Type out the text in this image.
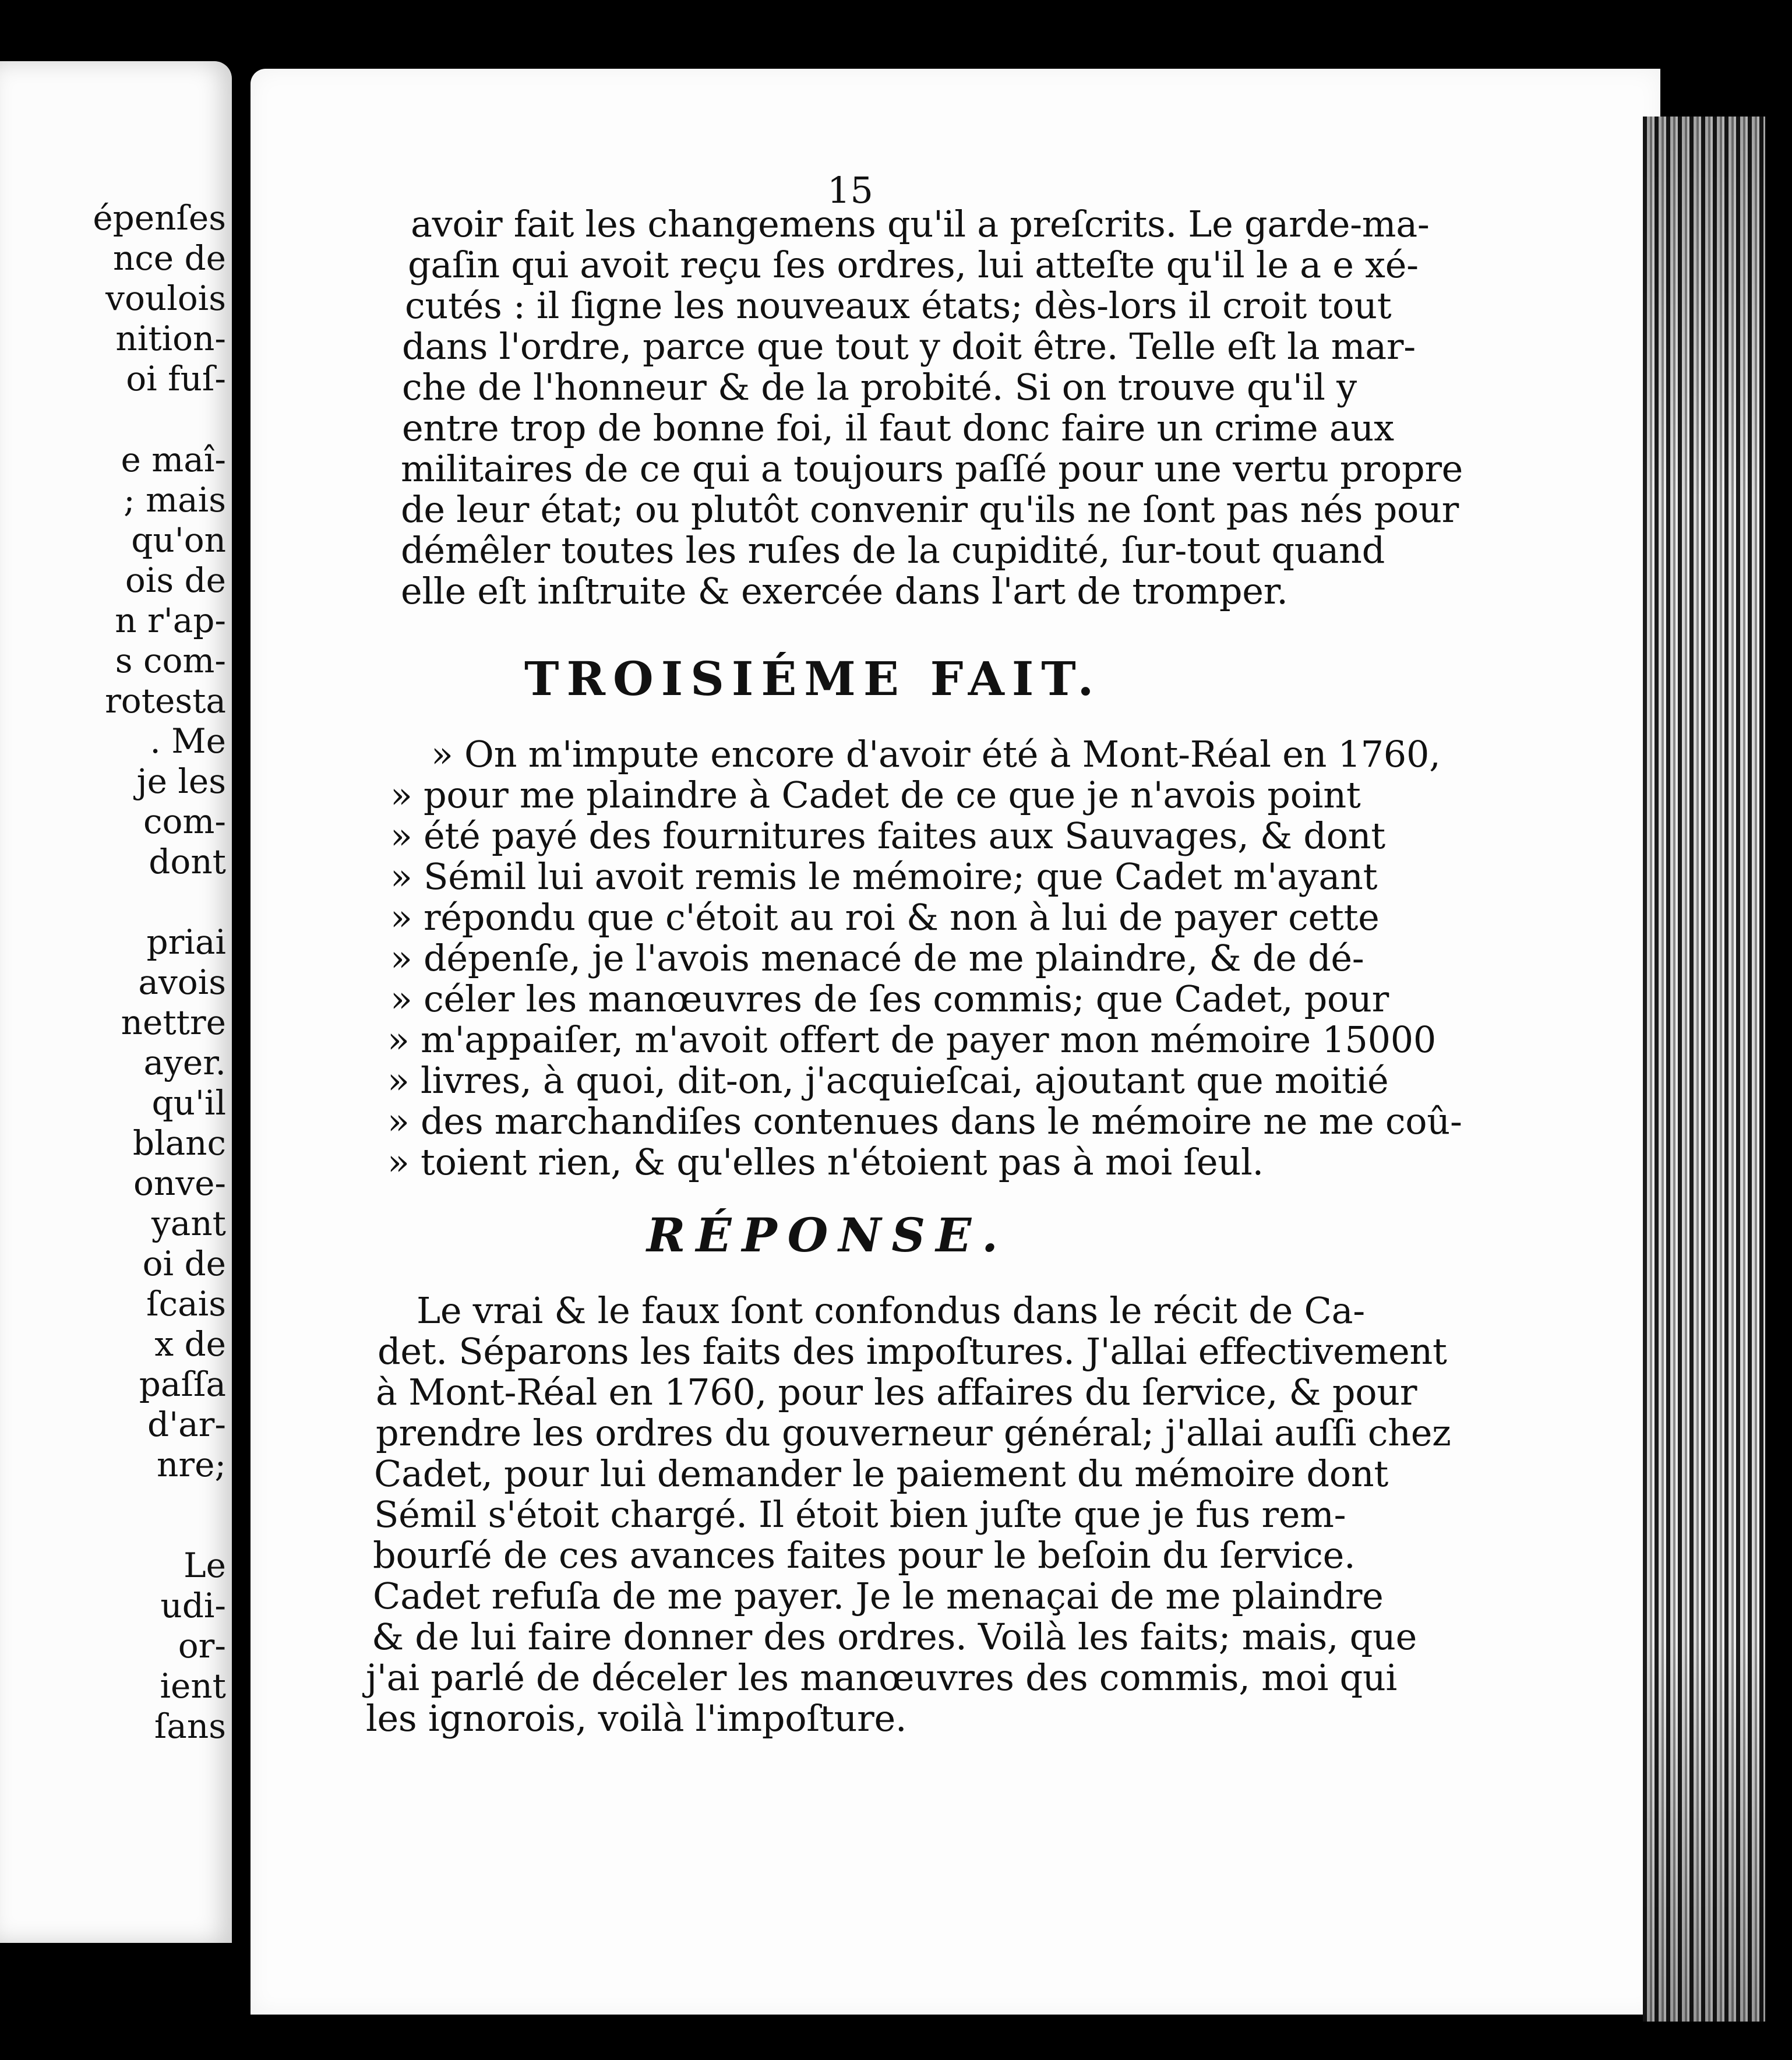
épenſes

nce de

voulois

nition-

oi fuſ-

e maî-

; mais

qu'on

ois de

n r'ap-

s com-

rotesta

. Me

je les

com-

dont

priai

avois

nettre

ayer.

qu'il

blanc

onve-

yant

oi de

ſcais

x de

paſſa

d'ar-

nre;

Le

udi-

or-

ient

ſans

15

avoir fait les changemens qu'il a preſcrits. Le garde-ma-

gaſin qui avoit reçu ſes ordres, lui atteſte qu'il le a e xé-

cutés : il ſigne les nouveaux états; dès-lors il croit tout

dans l'ordre, parce que tout y doit être. Telle eſt la mar-

che de l'honneur & de la probité. Si on trouve qu'il y

entre trop de bonne foi, il faut donc faire un crime aux

militaires de ce qui a toujours paſſé pour une vertu propre

de leur état; ou plutôt convenir qu'ils ne ſont pas nés pour

démêler toutes les ruſes de la cupidité, ſur-tout quand

elle eſt inſtruite & exercée dans l'art de tromper.

TROISIÉME FAIT.

» On m'impute encore d'avoir été à Mont-Réal en 1760,

» pour me plaindre à Cadet de ce que je n'avois point

» été payé des fournitures faites aux Sauvages, & dont

» Sémil lui avoit remis le mémoire; que Cadet m'ayant

» répondu que c'étoit au roi & non à lui de payer cette

» dépenſe, je l'avois menacé de me plaindre, & de dé-

» céler les manœuvres de ſes commis; que Cadet, pour

» m'appaiſer, m'avoit offert de payer mon mémoire 15000

» livres, à quoi, dit-on, j'acquieſcai, ajoutant que moitié

» des marchandiſes contenues dans le mémoire ne me coû-

» toient rien, & qu'elles n'étoient pas à moi ſeul.

RÉPONSE.

Le vrai & le faux ſont confondus dans le récit de Ca-

det. Séparons les faits des impoſtures. J'allai effectivement

à Mont-Réal en 1760, pour les affaires du ſervice, & pour

prendre les ordres du gouverneur général; j'allai auſſi chez

Cadet, pour lui demander le paiement du mémoire dont

Sémil s'étoit chargé. Il étoit bien juſte que je fus rem-

bourſé de ces avances faites pour le beſoin du ſervice.

Cadet refuſa de me payer. Je le menaçai de me plaindre

& de lui faire donner des ordres. Voilà les faits; mais, que

j'ai parlé de déceler les manœuvres des commis, moi qui

les ignorois, voilà l'impoſture.
